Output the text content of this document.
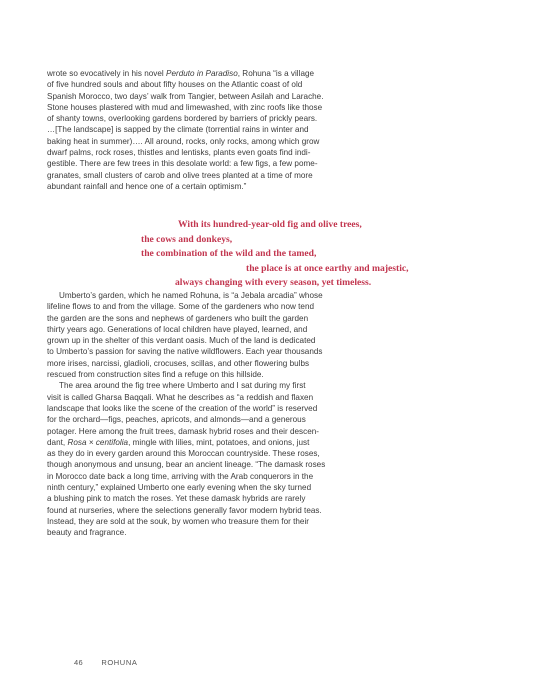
wrote so evocatively in his novel Perduto in Paradiso, Rohuna “is a village
of five hundred souls and about fifty houses on the Atlantic coast of old
Spanish Morocco, two days’ walk from Tangier, between Asilah and Larache.
Stone houses plastered with mud and limewashed, with zinc roofs like those
of shanty towns, overlooking gardens bordered by barriers of prickly pears.
…[The landscape] is sapped by the climate (torrential rains in winter and
baking heat in summer)…. All around, rocks, only rocks, among which grow
dwarf palms, rock roses, thistles and lentisks, plants even goats find indi-
gestible. There are few trees in this desolate world: a few figs, a few pome-
granates, small clusters of carob and olive trees planted at a time of more
abundant rainfall and hence one of a certain optimism.”
With its hundred-year-old fig and olive trees,
the cows and donkeys,
the combination of the wild and the tamed,
the place is at once earthy and majestic,
always changing with every season, yet timeless.
Umberto’s garden, which he named Rohuna, is “a Jebala arcadia” whose
lifeline flows to and from the village. Some of the gardeners who now tend
the garden are the sons and nephews of gardeners who built the garden
thirty years ago. Generations of local children have played, learned, and
grown up in the shelter of this verdant oasis. Much of the land is dedicated
to Umberto’s passion for saving the native wildflowers. Each year thousands
more irises, narcissi, gladioli, crocuses, scillas, and other flowering bulbs
rescued from construction sites find a refuge on this hillside.
The area around the fig tree where Umberto and I sat during my first
visit is called Gharsa Baqqali. What he describes as “a reddish and flaxen
landscape that looks like the scene of the creation of the world” is reserved
for the orchard—figs, peaches, apricots, and almonds—and a generous
potager. Here among the fruit trees, damask hybrid roses and their descen-
dant, Rosa × centifolia, mingle with lilies, mint, potatoes, and onions, just
as they do in every garden around this Moroccan countryside. These roses,
though anonymous and unsung, bear an ancient lineage. “The damask roses
in Morocco date back a long time, arriving with the Arab conquerors in the
ninth century,” explained Umberto one early evening when the sky turned
a blushing pink to match the roses. Yet these damask hybrids are rarely
found at nurseries, where the selections generally favor modern hybrid teas.
Instead, they are sold at the souk, by women who treasure them for their
beauty and fragrance.
46 ROHUNA
